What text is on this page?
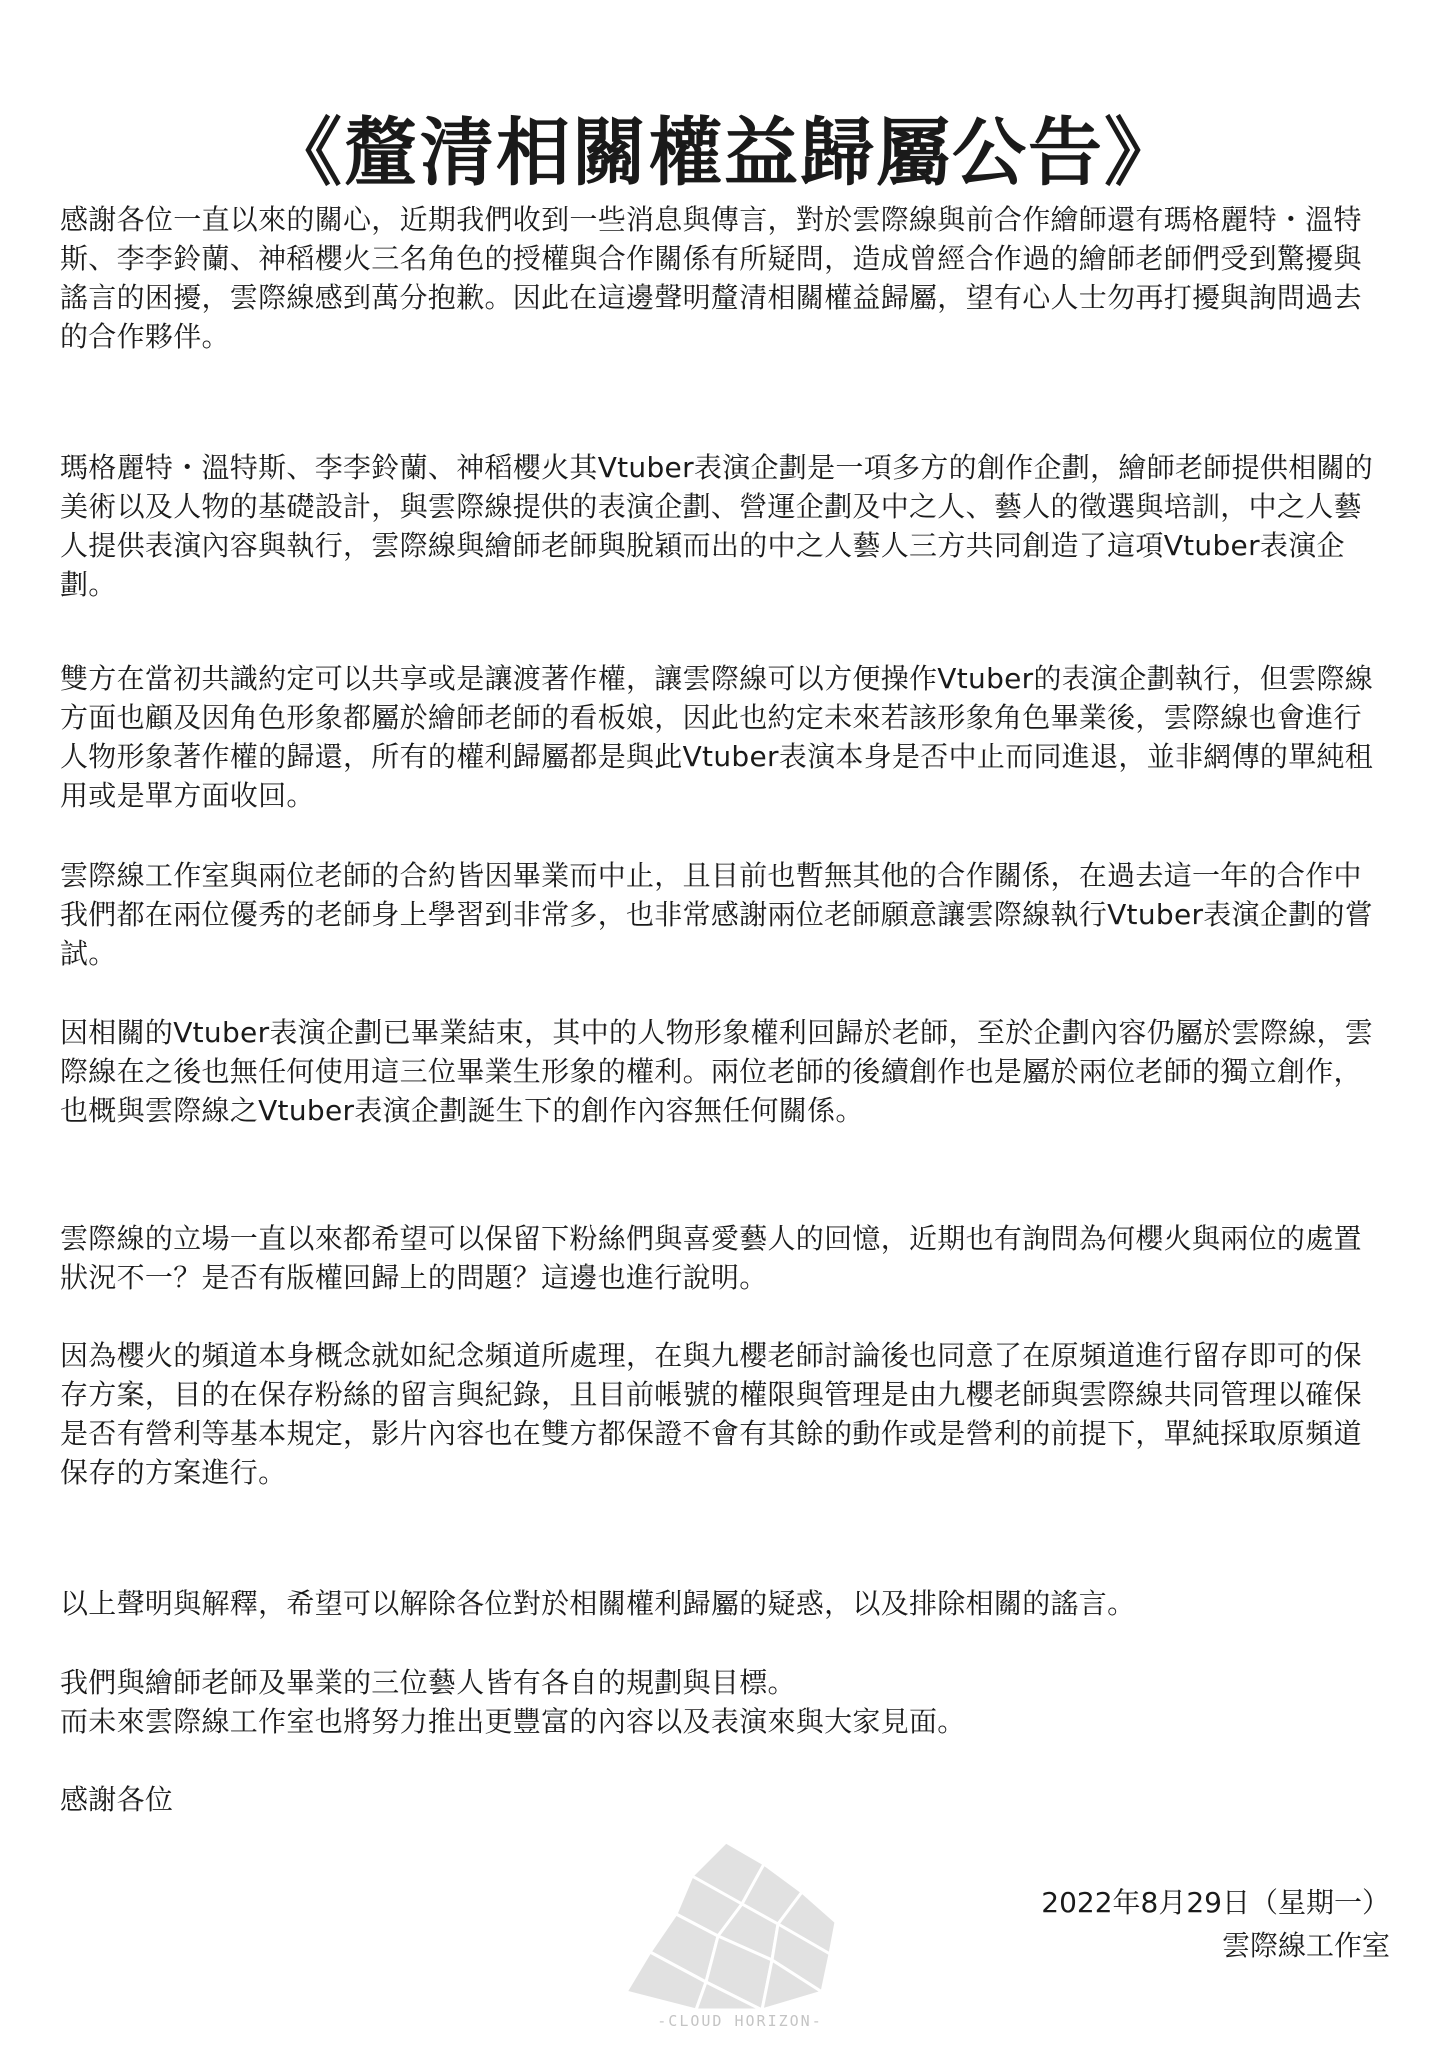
《釐清相關權益歸屬公告》

感謝各位一直以來的關心，近期我們收到一些消息與傳言，對於雲際線與前合作繪師還有瑪格麗特・溫特斯、李李鈴蘭、神稻櫻火三名角色的授權與合作關係有所疑問，造成曾經合作過的繪師老師們受到驚擾與謠言的困擾，雲際線感到萬分抱歉。因此在這邊聲明釐清相關權益歸屬，望有心人士勿再打擾與詢問過去的合作夥伴。

瑪格麗特・溫特斯、李李鈴蘭、神稻櫻火其Vtuber表演企劃是一項多方的創作企劃，繪師老師提供相關的美術以及人物的基礎設計，與雲際線提供的表演企劃、營運企劃及中之人、藝人的徵選與培訓，中之人藝人提供表演內容與執行，雲際線與繪師老師與脫穎而出的中之人藝人三方共同創造了這項Vtuber表演企劃。

雙方在當初共識約定可以共享或是讓渡著作權，讓雲際線可以方便操作Vtuber的表演企劃執行，但雲際線方面也顧及因角色形象都屬於繪師老師的看板娘，因此也約定未來若該形象角色畢業後，雲際線也會進行人物形象著作權的歸還，所有的權利歸屬都是與此Vtuber表演本身是否中止而同進退，並非網傳的單純租用或是單方面收回。

雲際線工作室與兩位老師的合約皆因畢業而中止，且目前也暫無其他的合作關係，在過去這一年的合作中我們都在兩位優秀的老師身上學習到非常多，也非常感謝兩位老師願意讓雲際線執行Vtuber表演企劃的嘗試。

因相關的Vtuber表演企劃已畢業結束，其中的人物形象權利回歸於老師，至於企劃內容仍屬於雲際線，雲際線在之後也無任何使用這三位畢業生形象的權利。兩位老師的後續創作也是屬於兩位老師的獨立創作，也概與雲際線之Vtuber表演企劃誕生下的創作內容無任何關係。

雲際線的立場一直以來都希望可以保留下粉絲們與喜愛藝人的回憶，近期也有詢問為何櫻火與兩位的處置狀況不一？是否有版權回歸上的問題？這邊也進行說明。

因為櫻火的頻道本身概念就如紀念頻道所處理，在與九櫻老師討論後也同意了在原頻道進行留存即可的保存方案，目的在保存粉絲的留言與紀錄，且目前帳號的權限與管理是由九櫻老師與雲際線共同管理以確保是否有營利等基本規定，影片內容也在雙方都保證不會有其餘的動作或是營利的前提下，單純採取原頻道保存的方案進行。

以上聲明與解釋，希望可以解除各位對於相關權利歸屬的疑惑，以及排除相關的謠言。

我們與繪師老師及畢業的三位藝人皆有各自的規劃與目標。
而未來雲際線工作室也將努力推出更豐富的內容以及表演來與大家見面。

感謝各位

-CLOUD HORIZON-
2022年8月29日（星期一）
雲際線工作室
